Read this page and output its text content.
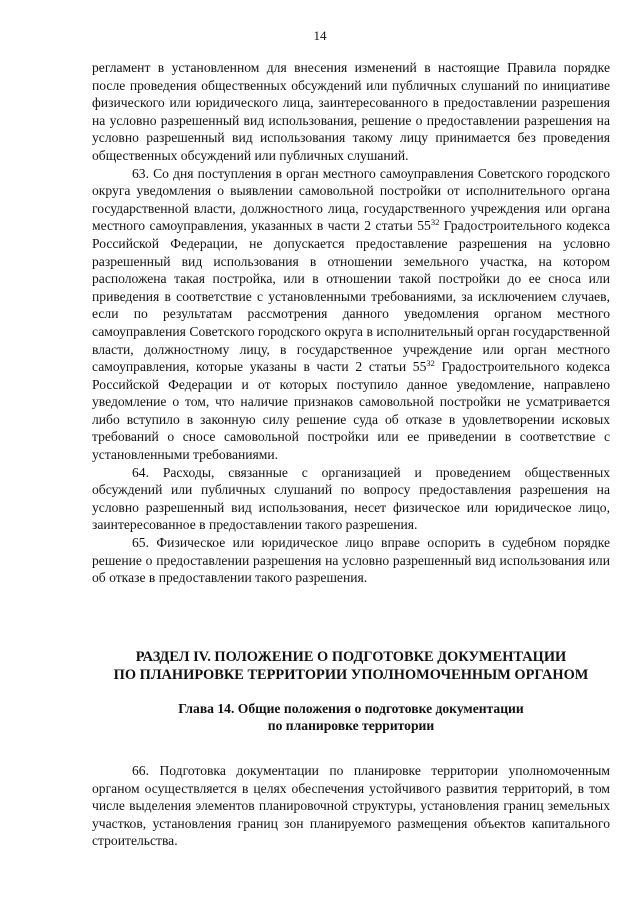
14

регламент в установленном для внесения изменений в настоящие Правила порядке после проведения общественных обсуждений или публичных слушаний по инициативе физического или юридического лица, заинтересованного в предоставлении разрешения на условно разрешенный вид использования, решение о предоставлении разрешения на условно разрешенный вид использования такому лицу принимается без проведения общественных обсуждений или публичных слушаний.

63. Со дня поступления в орган местного самоуправления Советского городского округа уведомления о выявлении самовольной постройки от исполнительного органа государственной власти, должностного лица, государственного учреждения или органа местного самоуправления, указанных в части 2 статьи $55^{32}$ Градостроительного кодекса Российской Федерации, не допускается предоставление разрешения на условно разрешенный вид использования в отношении земельного участка, на котором расположена такая постройка, или в отношении такой постройки до ее сноса или приведения в соответствие с установленными требованиями, за исключением случаев, если по результатам рассмотрения данного уведомления органом местного самоуправления Советского городского округа в исполнительный орган государственной власти, должностному лицу, в государственное учреждение или орган местного самоуправления, которые указаны в части 2 статьи $55^{32}$ Градостроительного кодекса Российской Федерации и от которых поступило данное уведомление, направлено уведомление о том, что наличие признаков самовольной постройки не усматривается либо вступило в законную силу решение суда об отказе в удовлетворении исковых требований о сносе самовольной постройки или ее приведении в соответствие с установленными требованиями.

64. Расходы, связанные с организацией и проведением общественных обсуждений или публичных слушаний по вопросу предоставления разрешения на условно разрешенный вид использования, несет физическое или юридическое лицо, заинтересованное в предоставлении такого разрешения.

65. Физическое или юридическое лицо вправе оспорить в судебном порядке решение о предоставлении разрешения на условно разрешенный вид использования или об отказе в предоставлении такого разрешения.

РАЗДЕЛ IV. ПОЛОЖЕНИЕ О ПОДГОТОВКЕ ДОКУМЕНТАЦИИ
ПО ПЛАНИРОВКЕ ТЕРРИТОРИИ УПОЛНОМОЧЕННЫМ ОРГАНОМ
Глава 14. Общие положения о подготовке документации
по планировке территории

66. Подготовка документации по планировке территории уполномоченным органом осуществляется в целях обеспечения устойчивого развития территорий, в том числе выделения элементов планировочной структуры, установления границ земельных участков, установления границ зон планируемого размещения объектов капитального строительства.
